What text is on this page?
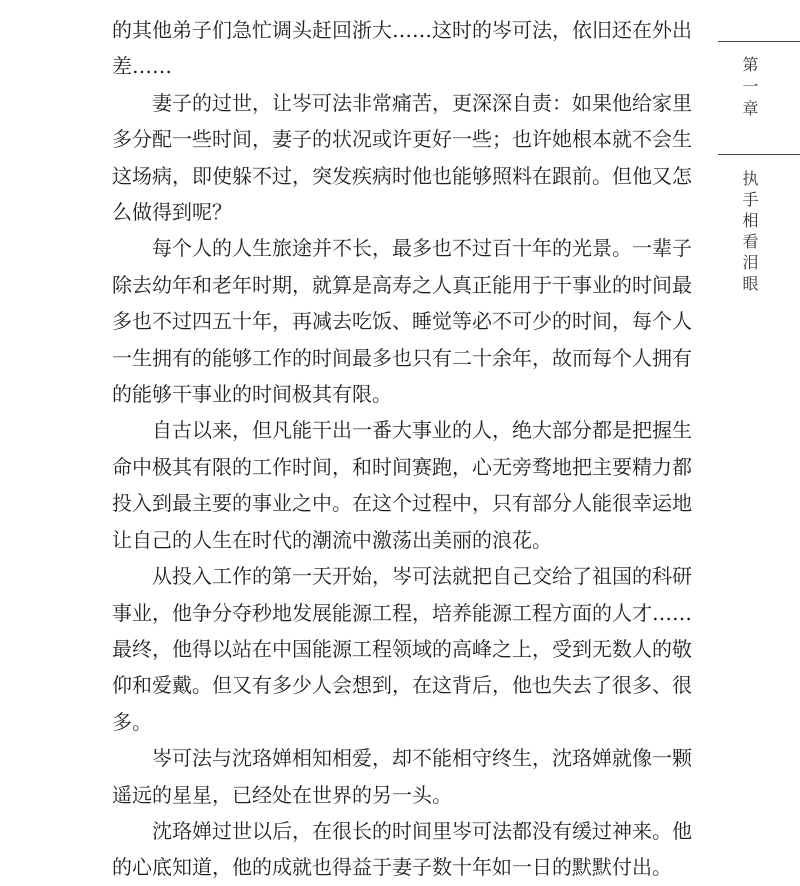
的其他弟子们急忙调头赶回浙大……这时的岑可法，依旧还在外出差……

妻子的过世，让岑可法非常痛苦，更深深自责：如果他给家里多分配一些时间，妻子的状况或许更好一些；也许她根本就不会生这场病，即使躲不过，突发疾病时他也能够照料在跟前。但他又怎么做得到呢？

每个人的人生旅途并不长，最多也不过百十年的光景。一辈子除去幼年和老年时期，就算是高寿之人真正能用于干事业的时间最多也不过四五十年，再减去吃饭、睡觉等必不可少的时间，每个人一生拥有的能够工作的时间最多也只有二十余年，故而每个人拥有的能够干事业的时间极其有限。

自古以来，但凡能干出一番大事业的人，绝大部分都是把握生命中极其有限的工作时间，和时间赛跑，心无旁骛地把主要精力都投入到最主要的事业之中。在这个过程中，只有部分人能很幸运地让自己的人生在时代的潮流中激荡出美丽的浪花。

从投入工作的第一天开始，岑可法就把自己交给了祖国的科研事业，他争分夺秒地发展能源工程，培养能源工程方面的人才……最终，他得以站在中国能源工程领域的高峰之上，受到无数人的敬仰和爱戴。但又有多少人会想到，在这背后，他也失去了很多、很多。

岑可法与沈珞婵相知相爱，却不能相守终生，沈珞婵就像一颗遥远的星星，已经处在世界的另一头。

沈珞婵过世以后，在很长的时间里岑可法都没有缓过神来。他的心底知道，他的成就也得益于妻子数十年如一日的默默付出。

第一章
执手相看泪眼
